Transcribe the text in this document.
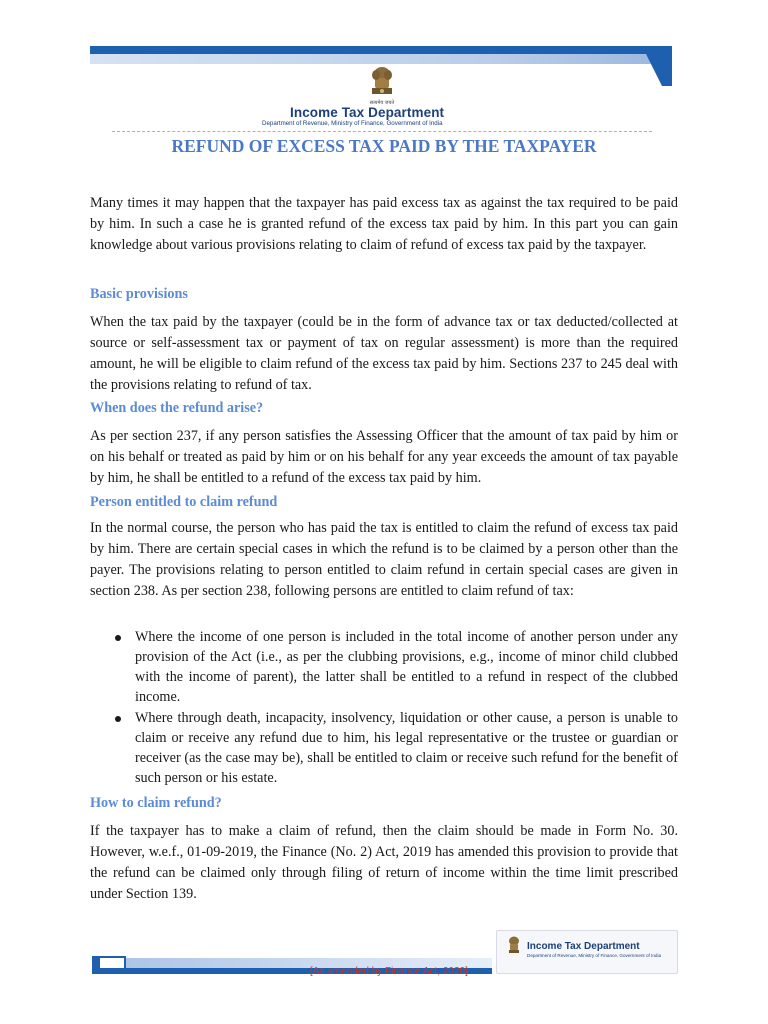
सत्यमेव जयते
Income Tax Department
Department of Revenue, Ministry of Finance, Government of India
REFUND OF EXCESS TAX PAID BY THE TAXPAYER
Many times it may happen that the taxpayer has paid excess tax as against the tax required to be paid by him. In such a case he is granted refund of the excess tax paid by him. In this part you can gain knowledge about various provisions relating to claim of refund of excess tax paid by the taxpayer.
Basic provisions
When the tax paid by the taxpayer (could be in the form of advance tax or tax deducted/collected at source or self-assessment tax or payment of tax on regular assessment) is more than the required amount, he will be eligible to claim refund of the excess tax paid by him. Sections 237 to 245 deal with the provisions relating to refund of tax.
When does the refund arise?
As per section 237, if any person satisfies the Assessing Officer that the amount of tax paid by him or on his behalf or treated as paid by him or on his behalf for any year exceeds the amount of tax payable by him, he shall be entitled to a refund of the excess tax paid by him.
Person entitled to claim refund
In the normal course, the person who has paid the tax is entitled to claim the refund of excess tax paid by him. There are certain special cases in which the refund is to be claimed by a person other than the payer. The provisions relating to person entitled to claim refund in certain special cases are given in section 238. As per section 238, following persons are entitled to claim refund of tax:
Where the income of one person is included in the total income of another person under any provision of the Act (i.e., as per the clubbing provisions, e.g., income of minor child clubbed with the income of parent), the latter shall be entitled to a refund in respect of the clubbed income.
Where through death, incapacity, insolvency, liquidation or other cause, a person is unable to claim or receive any refund due to him, his legal representative or the trustee or guardian or receiver (as the case may be), shall be entitled to claim or receive such refund for the benefit of such person or his estate.
How to claim refund?
If the taxpayer has to make a claim of refund, then the claim should be made in Form No. 30. However, w.e.f., 01-09-2019, the Finance (No. 2) Act, 2019 has amended this provision to provide that the refund can be claimed only through filing of return of income within the time limit prescribed under Section 139.
Income Tax Department
Department of Revenue, Ministry of Finance, Government of India
[As amended by Finance Act, 2020]
